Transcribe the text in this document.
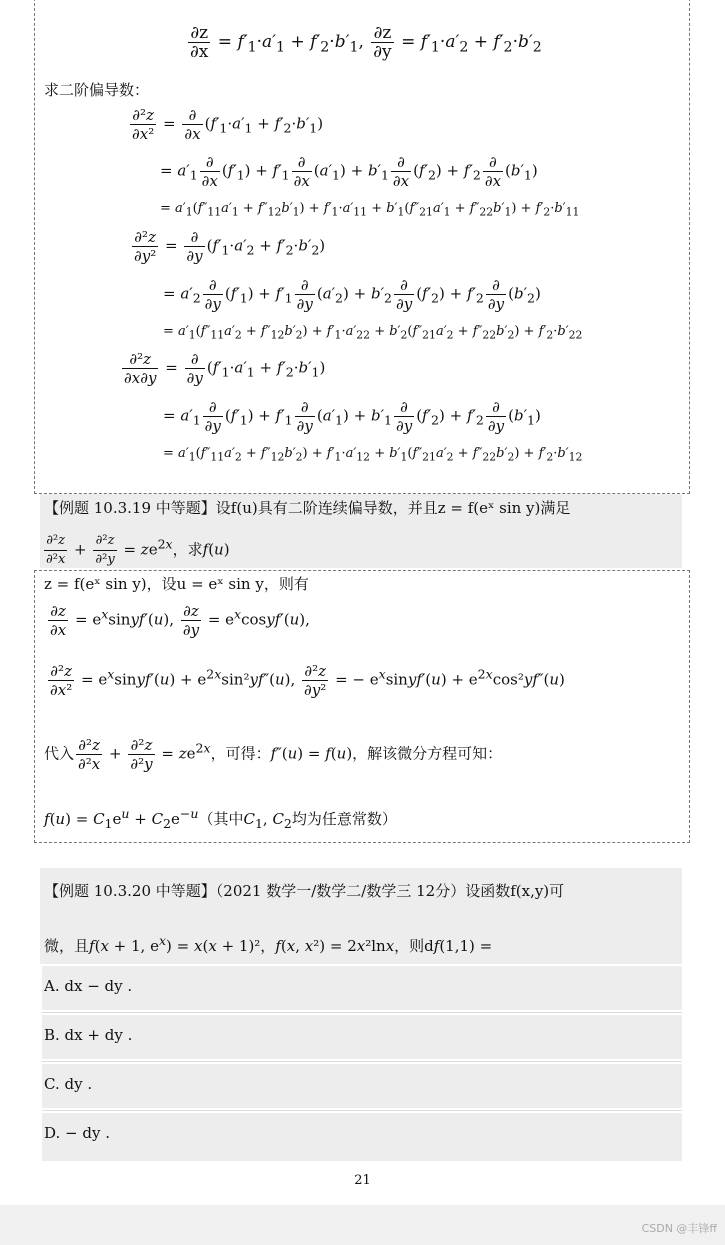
$\frac{\partial z}{\partial x} = f'_1\cdot a'_1 + f'_2\cdot b'_1$, $\frac{\partial z}{\partial y} = f'_1\cdot a'_2 + f'_2\cdot b'_2$
求二阶偏导数：
$\frac{\text{∂²z}}{\text{∂x²}} = \frac{\partial}{\partial x} (f'_1\cdot a'_1 + f'_2\cdot b'_1)$
= $a'_1 \frac{\partial}{\partial x} (f'_1) + f'_1 \frac{\partial}{\partial x} (a'_1) + b'_1 \frac{\partial}{\partial x} (f'_2) + f'_2 \frac{\partial}{\partial x} (b'_1)$
= $a'_1(f''_{11}a'_1 + f''_{12}b'_1) + f'_1\cdot a'_{11} + b'_1(f''_{21}a'_1 + f''_{22}b'_1) + f'_2\cdot b'_{11}$
$\frac{\text{∂²z}}{\text{∂y²}} = \frac{\partial}{\partial y} (f'_1\cdot a'_2 + f'_2\cdot b'_2)$
= $a'_2 \frac{\partial}{\partial y} (f'_1) + f'_1 \frac{\partial}{\partial y} (a'_2) + b'_2 \frac{\partial}{\partial y} (f'_2) + f'_2 \frac{\partial}{\partial y} (b'_2)$
= $a'_1(f''_{11}a'_2 + f''_{12}b'_2) + f'_1\cdot a'_{22} + b'_2(f''_{21}a'_2 + f''_{22}b'_2) + f'_2\cdot b'_{22}$
$\frac{\text{∂²z}}{\partial x\partial y} = \frac{\partial}{\partial y} (f'_1\cdot a'_1 + f'_2\cdot b'_1)$
= $a'_1 \frac{\partial}{\partial y} (f'_1) + f'_1 \frac{\partial}{\partial y} (a'_1) + b'_1 \frac{\partial}{\partial y} (f'_2) + f'_2 \frac{\partial}{\partial y} (b'_1)$
= $a'_1(f''_{11}a'_2 + f''_{12}b'_2) + f'_1\cdot a'_{12} + b'_1(f''_{21}a'_2 + f''_{22}b'_2) + f'_2\cdot b'_{12}$
【例题 10.3.19 中等题】设f(u)具有二阶连续偏导数，并且z = f(eˣ sin y)满足
$\frac{\text{∂²z}}{\text{∂²x}} + \frac{\text{∂²z}}{\text{∂²y}} = ze^{2x}$，求f(u)
z = f(eˣ sin y)，设u = eˣ sin y，则有
$\frac{\partial z}{\partial x}$ = $e^xsinyf'(u)$, $\frac{\partial z}{\partial y}$ = $e^xcosyf'(u)$,
$\frac{\text{∂²z}}{\text{∂x²}}$ = $e^xsinyf'(u) + e^{2x}\sin^2yf''(u)$, $\frac{\text{∂²z}}{\text{∂y²}}$ = − $e^xsinyf'(u) + e^{2x}\cos^2yf''(u)$
代入 $\frac{\text{∂²z}}{\text{∂²x}} + \frac{\text{∂²z}}{\text{∂²y}} = ze^{2x}$，可得：f″(u) = f(u)，解该微分方程可知：
$f(u) = C_1e^u + C_2e^{-u}$（其中$C_1$, $C_2$均为任意常数）
【例题 10.3.20 中等题】（2021 数学一/数学二/数学三 12分）设函数f(x,y)可
微，且f(x + 1, $e^x) = x(x + 1)^2$，f(x, x²) = 2x²lnx，则df(1,1) =
A. dx − dy .
B. dx + dy .
C. dy .
D. − dy .
21
CSDN @丰锋ff
